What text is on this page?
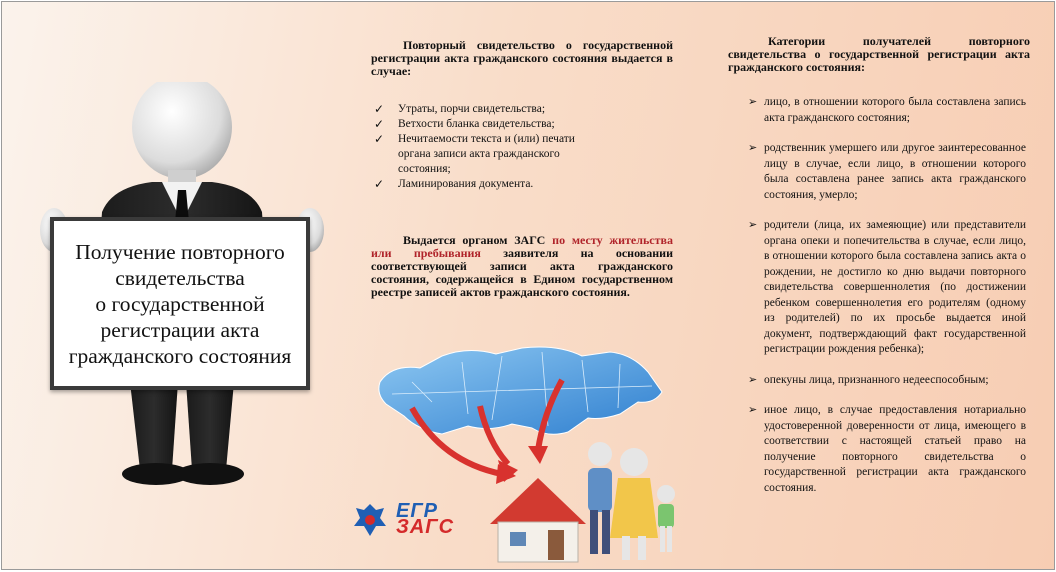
Получение повторного
свидетельства
о государственной
регистрации акта
гражданского состояния
Повторный свидетельство о государственной регистрации акта гражданского состояния выдается в случае:
✓ Утраты, порчи свидетельства;
✓ Ветхости бланка свидетельства;
✓ Нечитаемости текста и (или) печати органа записи акта гражданского состояния;
✓ Ламинирования документа.
Выдается органом ЗАГС по месту жительства или пребывания заявителя на основании соответствующей записи акта гражданского состояния, содержащейся в Едином государственном реестре записей актов гражданского состояния.
ЕГР
ЗАГС
Категории получателей повторного свидетельства о государственной регистрации акта гражданского состояния:
➢ лицо, в отношении которого была составлена запись акта гражданского состояния;
➢ родственник умершего или другое заинтересованное лицу в случае, если лицо, в отношении которого была составлена ранее запись акта гражданского состояния, умерло;
➢ родители (лица, их замеяющие) или представители органа опеки и попечительства в случае, если лицо, в отношении которого была составлена запись акта о рождении, не достигло ко дню выдачи повторного свидетельства совершеннолетия (по достижении ребенком совершеннолетия его родителям (одному из родителей) по их просьбе выдается иной документ, подтверждающий факт государственной регистрации рождения ребенка);
➢ опекуны лица, признанного недееспособным;
➢ иное лицо, в случае предоставления нотариально удостоверенной доверенности от лица, имеющего в соответствии с настоящей статьей право на получение повторного свидетельства о государственной регистрации акта гражданского состояния.
